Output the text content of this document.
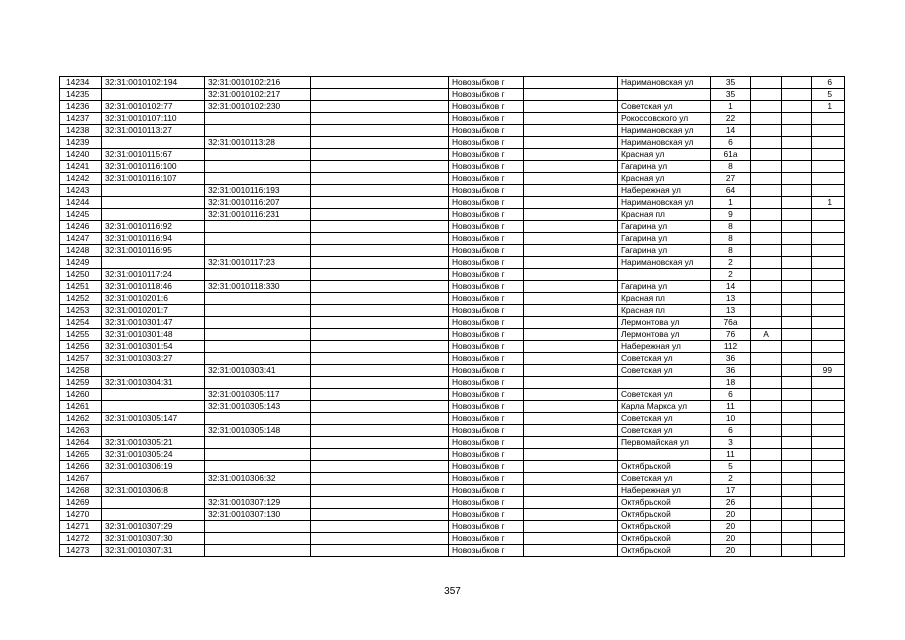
14234	32:31:0010102:194	32:31:0010102:216		Новозыбков г		Наримановская ул	35			6
14235		32:31:0010102:217		Новозыбков г			35			5
14236	32:31:0010102:77	32:31:0010102:230		Новозыбков г		Советская ул	1			1
14237	32:31:0010107:110			Новозыбков г		Рокоссовского ул	22			
14238	32:31:0010113:27			Новозыбков г		Наримановская ул	14			
14239		32:31:0010113:28		Новозыбков г		Наримановская ул	6			
14240	32:31:0010115:67			Новозыбков г		Красная ул	61а			
14241	32:31:0010116:100			Новозыбков г		Гагарина ул	8			
14242	32:31:0010116:107			Новозыбков г		Красная ул	27			
14243		32:31:0010116:193		Новозыбков г		Набережная ул	64			
14244		32:31:0010116:207		Новозыбков г		Наримановская ул	1			1
14245		32:31:0010116:231		Новозыбков г		Красная пл	9			
14246	32:31:0010116:92			Новозыбков г		Гагарина ул	8			
14247	32:31:0010116:94			Новозыбков г		Гагарина ул	8			
14248	32:31:0010116:95			Новозыбков г		Гагарина ул	8			
14249		32:31:0010117:23		Новозыбков г		Наримановская ул	2			
14250	32:31:0010117:24			Новозыбков г			2			
14251	32:31:0010118:46	32:31:0010118:330		Новозыбков г		Гагарина ул	14			
14252	32:31:0010201:6			Новозыбков г		Красная пл	13			
14253	32:31:0010201:7			Новозыбков г		Красная пл	13			
14254	32:31:0010301:47			Новозыбков г		Лермонтова ул	76а			
14255	32:31:0010301:48			Новозыбков г		Лермонтова ул	76	А		
14256	32:31:0010301:54			Новозыбков г		Набережная ул	112			
14257	32:31:0010303:27			Новозыбков г		Советская ул	36			
14258		32:31:0010303:41		Новозыбков г		Советская ул	36			99
14259	32:31:0010304:31			Новозыбков г			18			
14260		32:31:0010305:117		Новозыбков г		Советская ул	6			
14261		32:31:0010305:143		Новозыбков г		Карла Маркса ул	11			
14262	32:31:0010305:147			Новозыбков г		Советская ул	10			
14263		32:31:0010305:148		Новозыбков г		Советская ул	6			
14264	32:31:0010305:21			Новозыбков г		Первомайская ул	3			
14265	32:31:0010305:24			Новозыбков г			11			
14266	32:31:0010306:19			Новозыбков г		Октябрьской	5			
14267		32:31:0010306:32		Новозыбков г		Советская ул	2			
14268	32:31:0010306:8			Новозыбков г		Набережная ул	17			
14269		32:31:0010307:129		Новозыбков г		Октябрьской	26			
14270		32:31:0010307:130		Новозыбков г		Октябрьской	20			
14271	32:31:0010307:29			Новозыбков г		Октябрьской	20			
14272	32:31:0010307:30			Новозыбков г		Октябрьской	20			
14273	32:31:0010307:31			Новозыбков г		Октябрьской	20			
357
